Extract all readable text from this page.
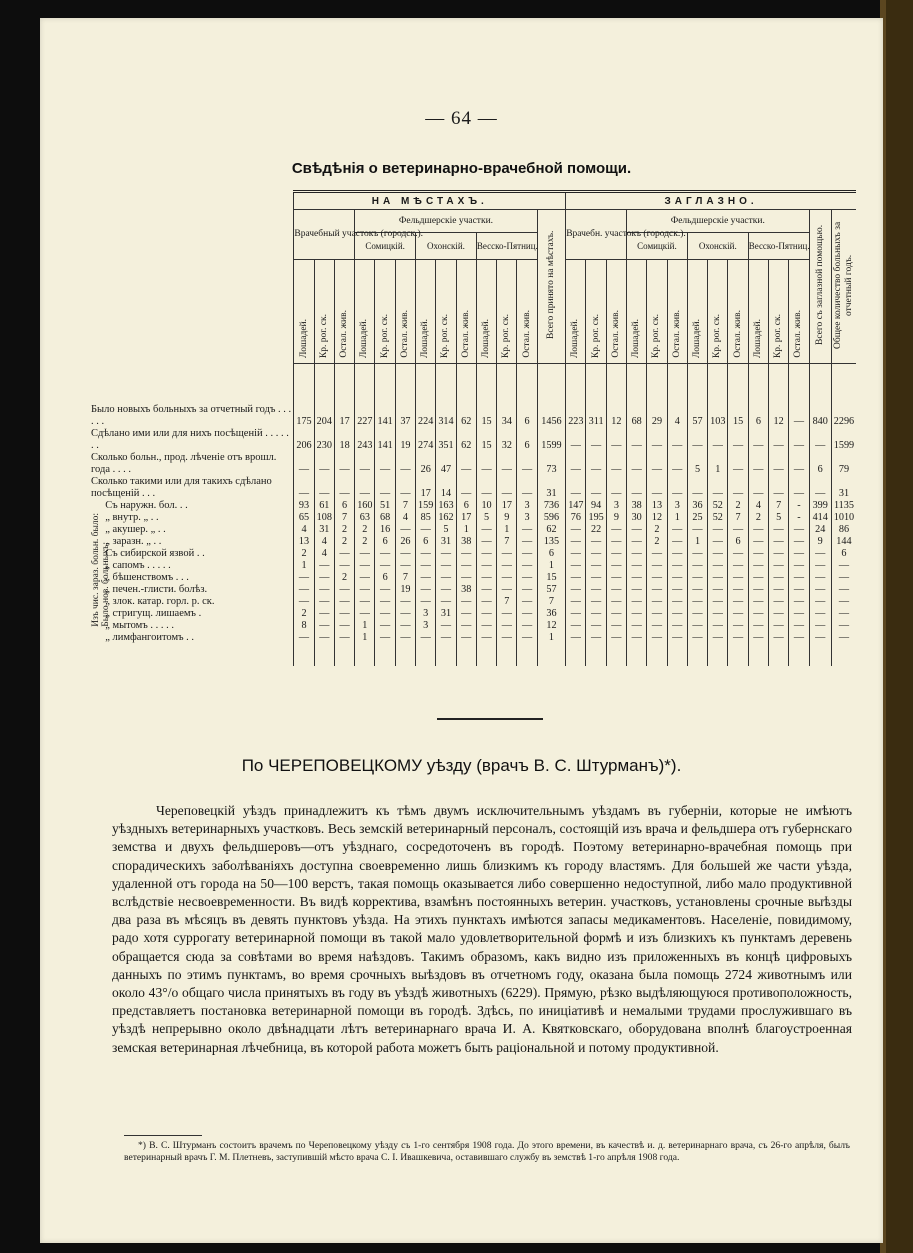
— 64 —
Свѣдѣнія о ветеринарно-врачебной помощи.
		НА МѢСТАХЪ.													ЗАГЛАЗНО.													
		Врачебный участокъ (городск.).			Фельдшерскіе участки.									Всего принято на мѣстахъ.	Врачебн. участокъ (городск.).			Фельдшерскіе участки.									Всего съ заглазной помощью.	Общее количество больныхъ за отчетный годъ.
					Сомицкій.			Охонскій.			Весско-Пятниц.							Сомицкій.			Охонскій.			Весско-Пятниц.				
		Лошадей.	Кр. рог. ск.	Остал. жив.	Лошадей.	Кр. рог. ск.	Остал. жив.	Лошадей.	Кр. рог. ск.	Остал. жив.	Лошадей.	Кр. рог. ск.	Остал. жив.		Лошадей.	Кр. рог. ск.	Остал. жив.	Лошадей.	Кр. рог. ск.	Остал. жив.	Лошадей.	Кр. рог. ск.	Остал. жив.	Лошадей.	Кр. рог. ск.	Остал. жив.		

Было новыхъ больныхъ за отчетный годъ . . . . . .		175	204	17	227	141	37	224	314	62	15	34	6	1456	223	311	12	68	29	4	57	103	15	6	12	—	840	2296
Сдѣлано ими или для нихъ посѣщеній . . . . . . .		206	230	18	243	141	19	274	351	62	15	32	6	1599	—	—	—	—	—	—	—	—	—	—	—	—	—	1599
Сколько больн., прод. лѣченіе отъ врошл. года . . . .		—	—	—	—	—	—	26	47	—	—	—	—	73	—	—	—	—	—	—	5	1	—	—	—	—	6	79
Сколько такими или для такихъ сдѣлано посѣщеній . . .		—	—	—	—	—	—	17	14	—	—	—	—	31	—	—	—	—	—	—	—	—	—	—	—	—	—	31
Изъ чис. зараз. больн. было:Было нов. больныхъ:	Съ наружн. бол. . .	93	61	6	160	51	7	159	163	6	10	17	3	736	147	94	3	38	13	3	36	52	2	4	7	-	399	1135
	„ внутр. „ . .	65	108	7	63	68	4	85	162	17	5	9	3	596	76	195	9	30	12	1	25	52	7	2	5	-	414	1010
	„ акушер. „ . .	4	31	2	2	16	—	—	5	1	—	1	—	62	—	22	—	—	2	—	—	—	—	—	—	—	24	86
	„ заразн. „ . .	13	4	2	2	6	26	6	31	38	—	7	—	135	—	—	—	—	2	—	1	—	6	—	—	—	9	144
	Съ сибирской язвой . .	2	4	—	—	—	—	—	—	—	—	—	—	6	—	—	—	—	—	—	—	—	—	—	—	—	—	6
	„ сапомъ . . . . .	1	—	—	—	—	—	—	—	—	—	—	—	1	—	—	—	—	—	—	—	—	—	—	—	—	—	—
	„ бѣшенствомъ . . .	—	—	2	—	6	7	—	—	—	—	—	—	15	—	—	—	—	—	—	—	—	—	—	—	—	—	—
	„ печен.-глисти. болѣз.	—	—	—	—	—	19	—	—	38	—	—	—	57	—	—	—	—	—	—	—	—	—	—	—	—	—	—
	„ злок. катар. горл. р. ск.	—	—	—	—	—	—	—	—	—	—	7	—	7	—	—	—	—	—	—	—	—	—	—	—	—	—	—
	„ стригущ. лишаемъ .	2	—	—	—	—	—	3	31	—	—	—	—	36	—	—	—	—	—	—	—	—	—	—	—	—	—	—
	„ мытомъ . . . . .	8	—	—	1	—	—	3	—	—	—	—	—	12	—	—	—	—	—	—	—	—	—	—	—	—	—	—
	„ лимфангоитомъ . .	—	—	—	1	—	—	—	—	—	—	—	—	1	—	—	—	—	—	—	—	—	—	—	—	—	—	—

По ЧЕРЕПОВЕЦКОМУ уѣзду (врачъ В. С. Штурманъ)*).
Череповецкій уѣздъ принадлежитъ къ тѣмъ двумъ исключительнымъ уѣздамъ въ губерніи, которые не имѣютъ уѣздныхъ ветеринарныхъ участковъ. Весь земскій ветеринарный персоналъ, состоящій изъ врача и фельдшера отъ губернскаго земства и двухъ фельдшеровъ—отъ уѣзднаго, сосредоточенъ въ городѣ. Поэтому ветеринарно-врачебная помощь при спорадическихъ заболѣваніяхъ доступна своевременно лишь близкимъ къ городу властямъ. Для большей же части уѣзда, удаленной отъ города на 50—100 верстъ, такая помощь оказывается либо совершенно недоступной, либо мало продуктивной вслѣдствіе несвоевременности. Въ видѣ корректива, взамѣнъ постоянныхъ ветерин. участковъ, установлены срочные выѣзды два раза въ мѣсяцъ въ девять пунктовъ уѣзда. На этихъ пунктахъ имѣются запасы медикаментовъ. Населеніе, повидимому, радо хотя суррогату ветеринарной помощи въ такой мало удовлетворительной формѣ и изъ близкихъ къ пунктамъ деревень обращается сюда за совѣтами во время наѣздовъ. Такимъ образомъ, какъ видно изъ приложенныхъ въ концѣ цифровыхъ данныхъ по этимъ пунктамъ, во время срочныхъ выѣздовъ въ отчетномъ году, оказана была помощь 2724 животнымъ или около 43°/о общаго числа принятыхъ въ году въ уѣздѣ животныхъ (6229). Прямую, рѣзко выдѣляющуюся противоположность, представляетъ постановка ветеринарной помощи въ городѣ. Здѣсь, по иниціативѣ и немалыми трудами прослужившаго въ уѣздѣ непрерывно около двѣнадцати лѣтъ ветеринарнаго врача И. А. Квятковскаго, оборудована вполнѣ благоустроенная земская ветеринарная лѣчебница, въ которой работа можетъ быть раціональной и потому продуктивной.
*) В. С. Штурманъ состоитъ врачемъ по Череповецкому уѣзду съ 1-го сентября 1908 года. До этого времени, въ качествѣ и. д. ветеринарнаго врача, съ 26-го апрѣля, былъ ветеринарный врачъ Г. М. Плетневъ, заступившій мѣсто врача С. І. Ивашкевича, оставившаго службу въ земствѣ 1-го апрѣля 1908 года.
